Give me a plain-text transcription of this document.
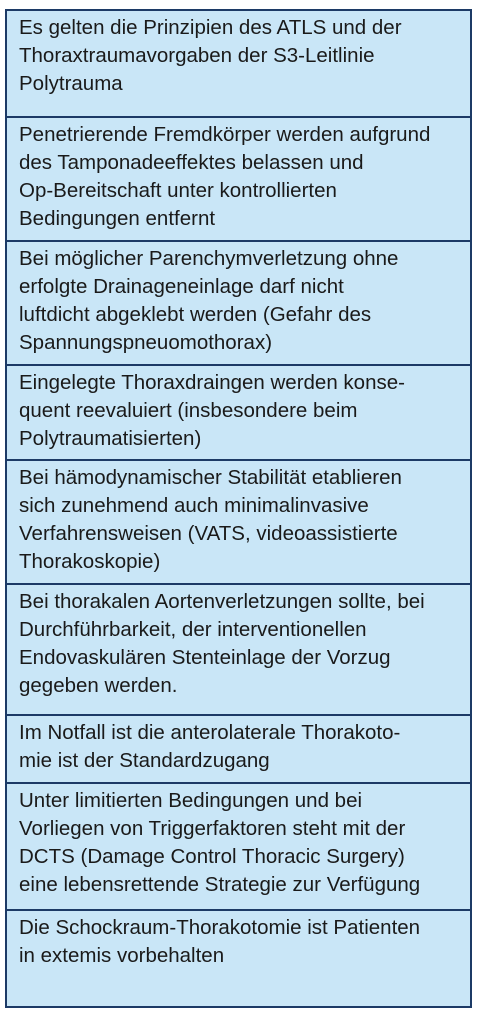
Es gelten die Prinzipien des ATLS und der
Thoraxtraumavorgaben der S3-Leitlinie
Polytrauma
Penetrierende Fremdkörper werden aufgrund
des Tamponadeeffektes belassen und
Op-Bereitschaft unter kontrollierten
Bedingungen entfernt
Bei möglicher Parenchymverletzung ohne
erfolgte Drainageneinlage darf nicht
luftdicht abgeklebt werden (Gefahr des
Spannungspneuomothorax)
Eingelegte Thoraxdraingen werden konse-
quent reevaluiert (insbesondere beim
Polytraumatisierten)
Bei hämodynamischer Stabilität etablieren
sich zunehmend auch minimalinvasive
Verfahrensweisen (VATS, videoassistierte
Thorakoskopie)
Bei thorakalen Aortenverletzungen sollte, bei
Durchführbarkeit, der interventionellen
Endovaskulären Stenteinlage der Vorzug
gegeben werden.
Im Notfall ist die anterolaterale Thorakoto-
mie ist der Standardzugang
Unter limitierten Bedingungen und bei
Vorliegen von Triggerfaktoren steht mit der
DCTS (Damage Control Thoracic Surgery)
eine lebensrettende Strategie zur Verfügung
Die Schockraum-Thorakotomie ist Patienten
in extemis vorbehalten
